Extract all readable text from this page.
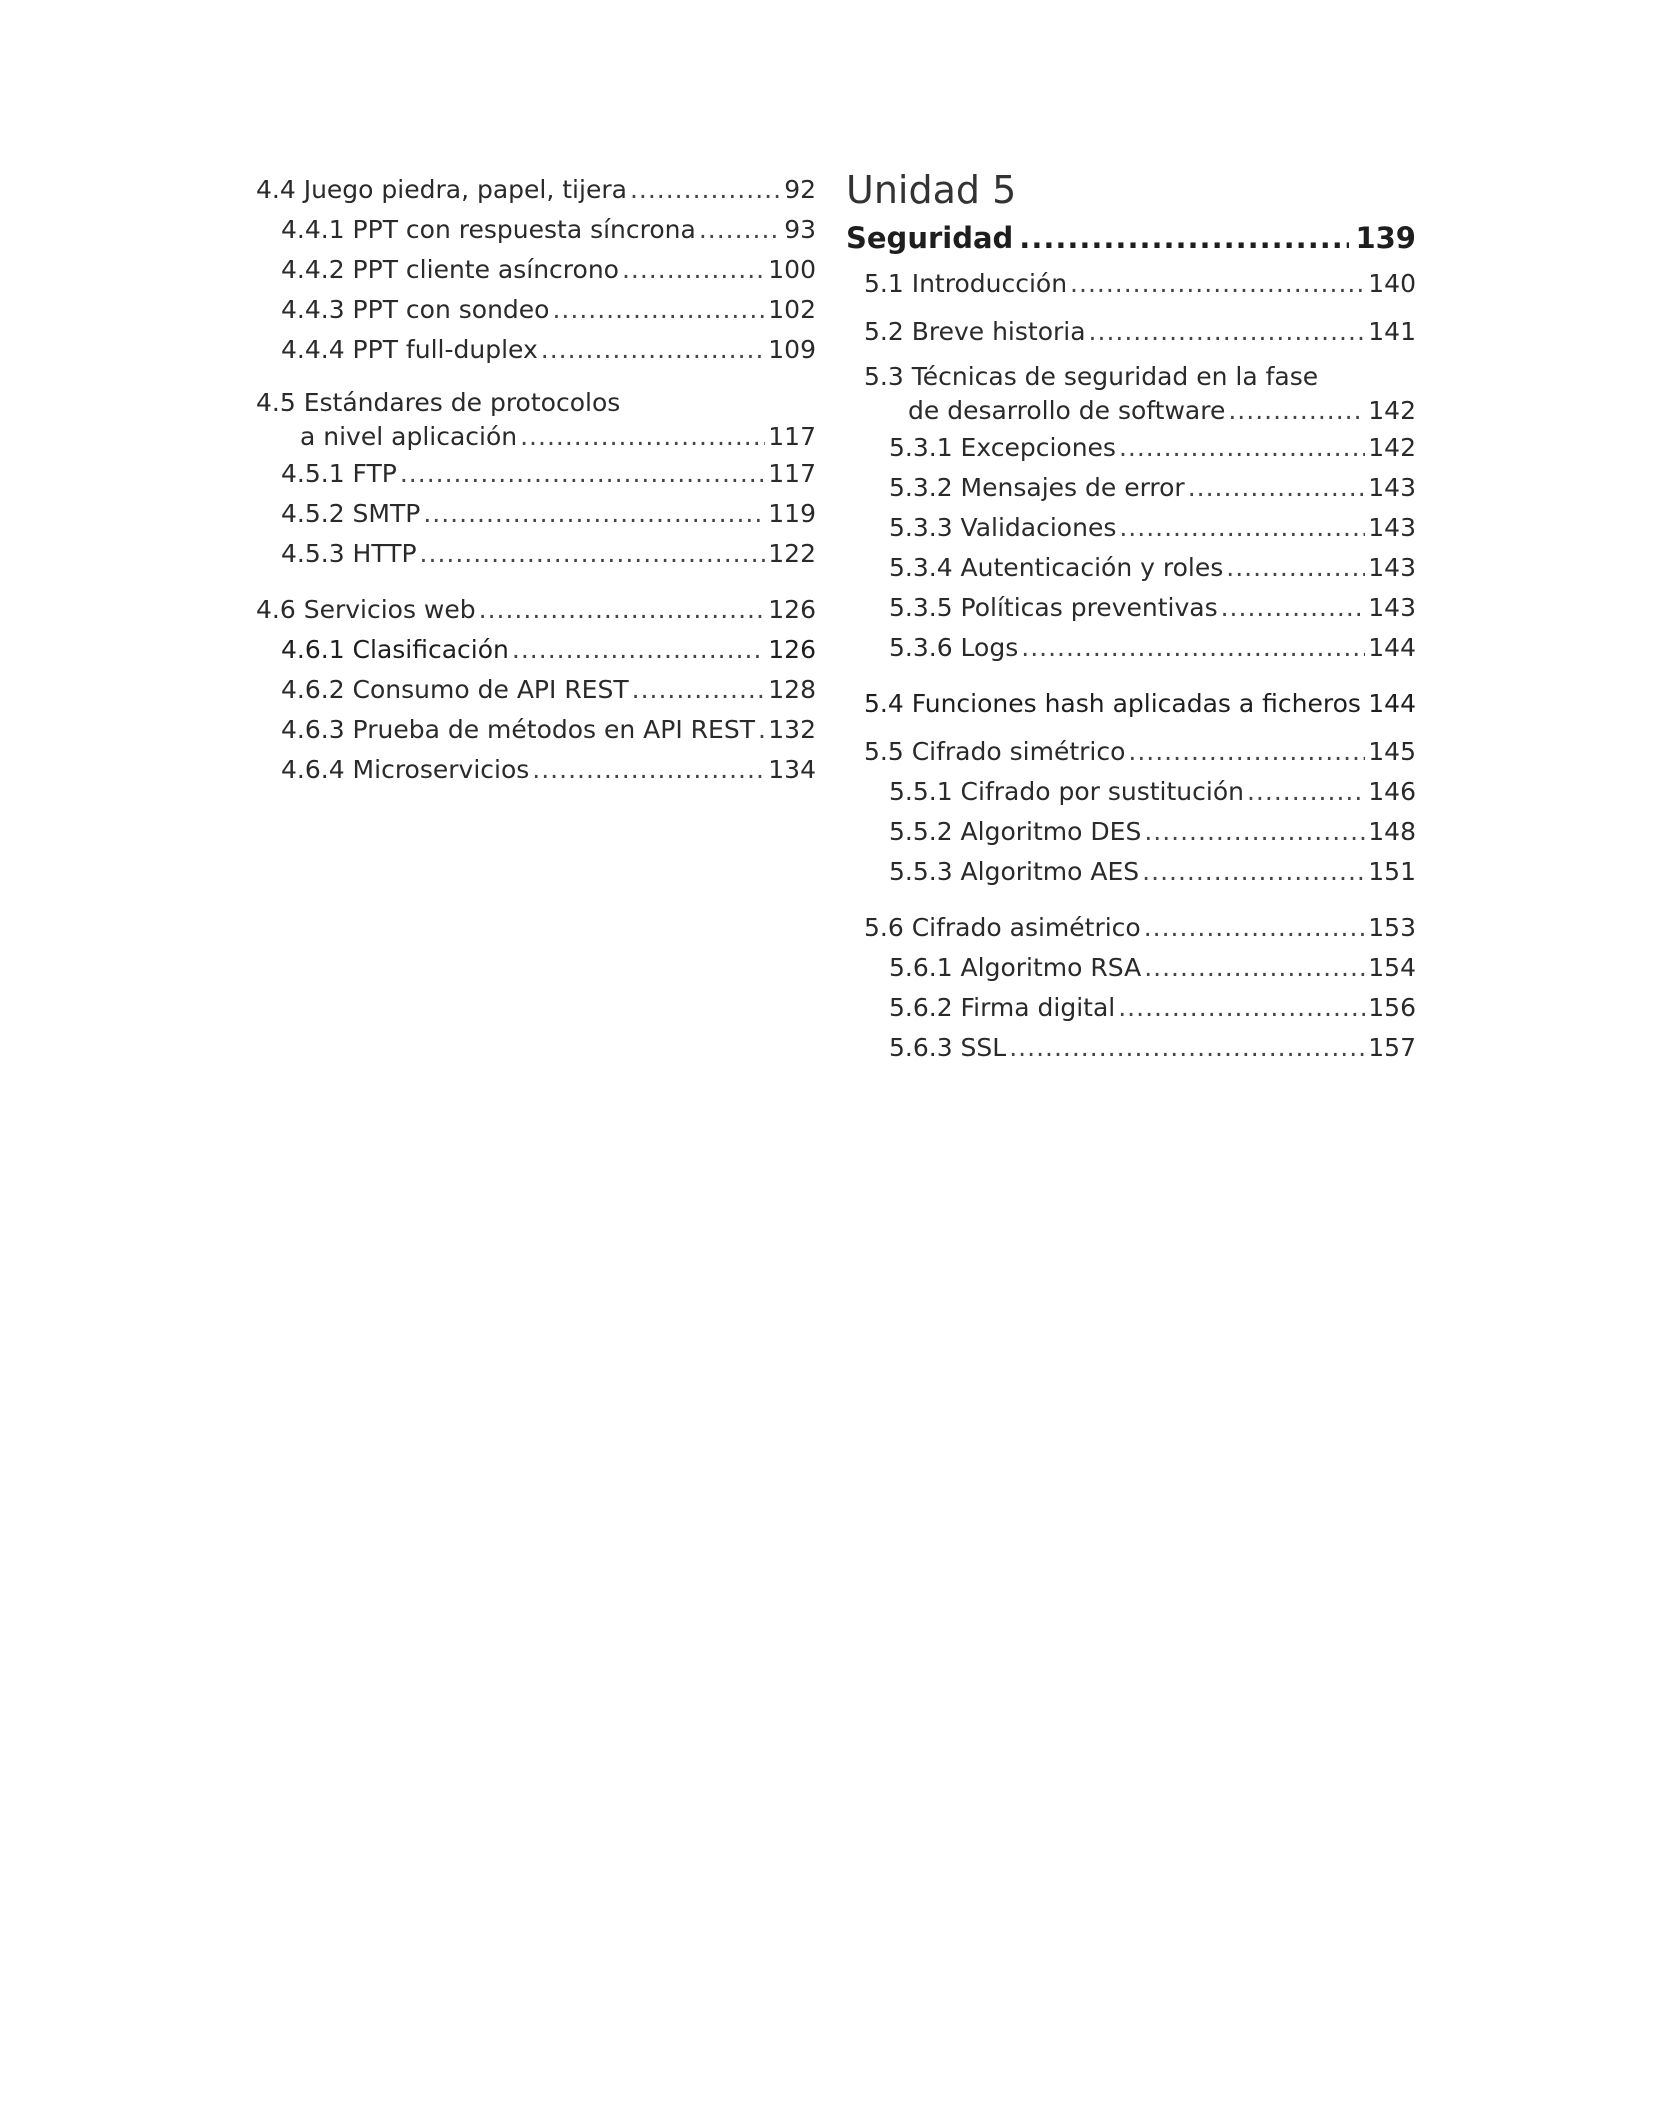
4.4 Juego piedra, papel, tijera .....	92
4.4.1 PPT con respuesta síncrona .....	93
4.4.2 PPT cliente asíncrono .....	100
4.4.3 PPT con sondeo .....	102
4.4.4 PPT full-duplex .....	109
4.5 Estándares de protocolos
a nivel aplicación .....	117
4.5.1 FTP .....	117
4.5.2 SMTP .....	119
4.5.3 HTTP .....	122
4.6 Servicios web .....	126
4.6.1 Clasificación .....	126
4.6.2 Consumo de API REST .....	128
4.6.3 Prueba de métodos en API REST ..... 132
4.6.4 Microservicios .....	134
Unidad 5
Seguridad .....	139
5.1 Introducción .....	140
5.2 Breve historia .....	141
5.3 Técnicas de seguridad en la fase
de desarrollo de software .....	142
5.3.1 Excepciones .....	142
5.3.2 Mensajes de error .....	143
5.3.3 Validaciones .....	143
5.3.4 Autenticación y roles .....	143
5.3.5 Políticas preventivas .....	143
5.3.6 Logs .....	144
5.4 Funciones hash aplicadas a ficheros ..... 144
5.5 Cifrado simétrico .....	145
5.5.1 Cifrado por sustitución .....	146
5.5.2 Algoritmo DES .....	148
5.5.3 Algoritmo AES .....	151
5.6 Cifrado asimétrico .....	153
5.6.1 Algoritmo RSA .....	154
5.6.2 Firma digital .....	156
5.6.3 SSL .....	157
